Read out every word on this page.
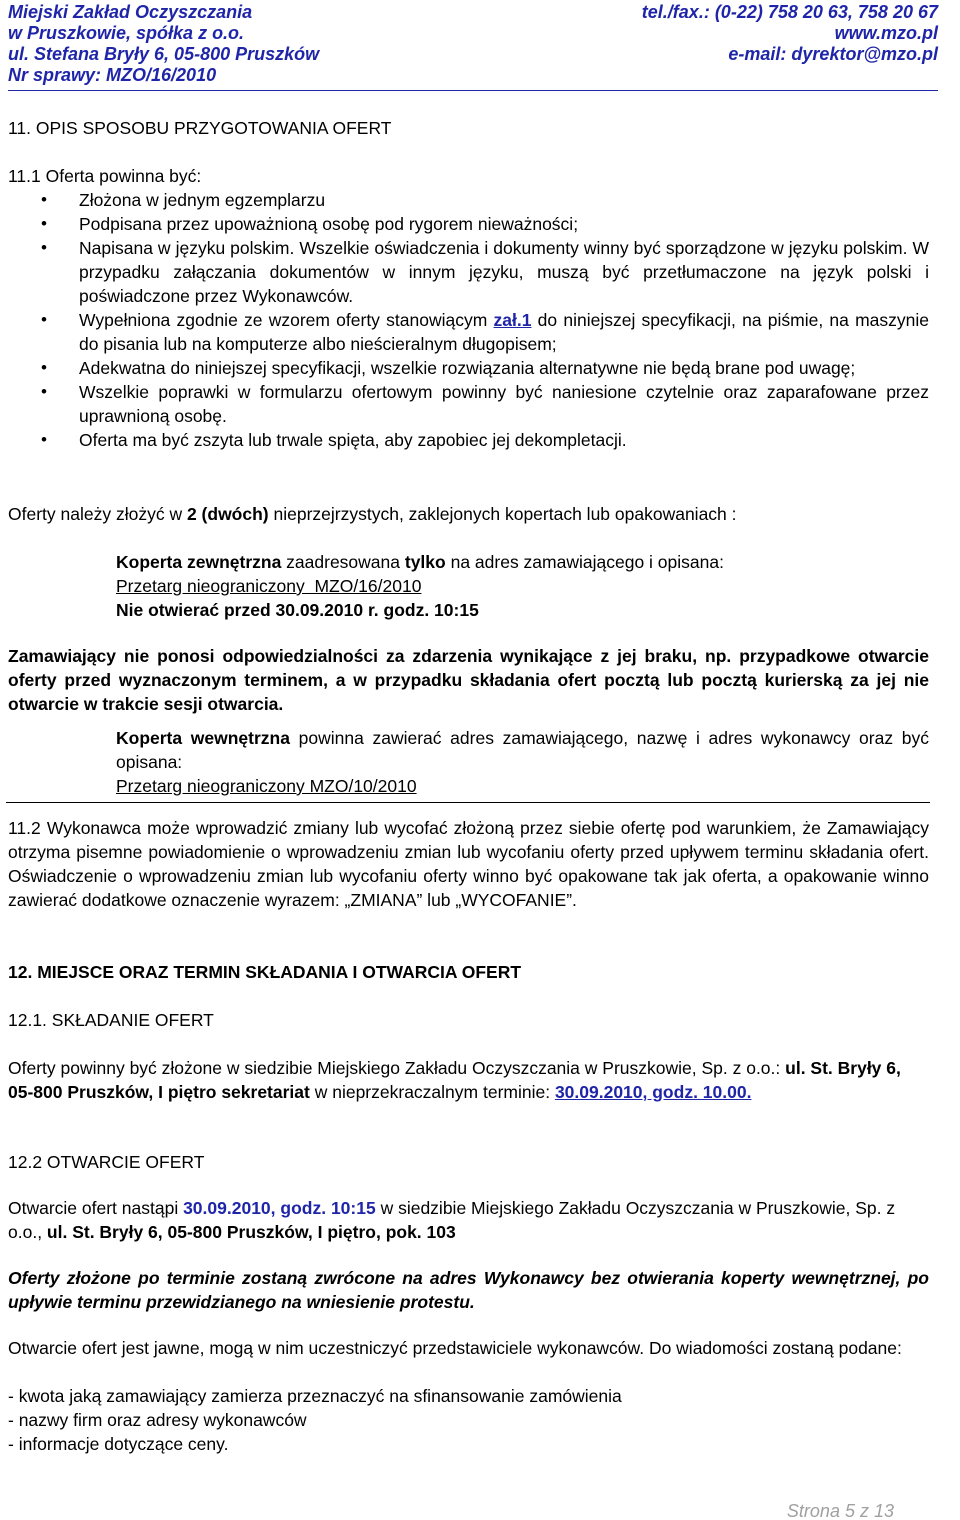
Miejski Zakład Oczyszczania	tel./fax.: (0-22) 758 20 63, 758 20 67
w Pruszkowie, spółka z o.o.	www.mzo.pl
ul. Stefana Bryły 6, 05-800 Pruszków	e-mail: dyrektor@mzo.pl
Nr sprawy: MZO/16/2010
11. OPIS SPOSOBU PRZYGOTOWANIA OFERT
11.1 Oferta powinna być:
• Złożona w jednym egzemplarzu
• Podpisana przez upoważnioną osobę pod rygorem nieważności;
• Napisana w języku polskim. Wszelkie oświadczenia i dokumenty winny być sporządzone w języku polskim. W przypadku załączania dokumentów w innym języku, muszą być przetłumaczone na język polski i poświadczone przez Wykonawców.
• Wypełniona zgodnie ze wzorem oferty stanowiącym zał.1 do niniejszej specyfikacji, na piśmie, na maszynie do pisania lub na komputerze albo nieścieralnym długopisem;
• Adekwatna do niniejszej specyfikacji, wszelkie rozwiązania alternatywne nie będą brane pod uwagę;
• Wszelkie poprawki w formularzu ofertowym powinny być naniesione czytelnie oraz zaparafowane przez uprawnioną osobę.
• Oferta ma być zszyta lub trwale spięta, aby zapobiec jej dekompletacji.
Oferty należy złożyć w 2 (dwóch) nieprzejrzystych, zaklejonych kopertach lub opakowaniach :
Koperta zewnętrzna zaadresowana tylko na adres zamawiającego i opisana:
Przetarg nieograniczony  MZO/16/2010
Nie otwierać przed 30.09.2010 r. godz. 10:15
Zamawiający nie ponosi odpowiedzialności za zdarzenia wynikające z jej braku, np. przypadkowe otwarcie oferty przed wyznaczonym terminem, a w przypadku składania ofert pocztą lub pocztą kurierską za jej nie otwarcie w trakcie sesji otwarcia.
Koperta wewnętrzna powinna zawierać adres zamawiającego, nazwę i adres wykonawcy oraz być opisana:
Przetarg nieograniczony MZO/10/2010
11.2 Wykonawca może wprowadzić zmiany lub wycofać złożoną przez siebie ofertę pod warunkiem, że Zamawiający otrzyma pisemne powiadomienie o wprowadzeniu zmian lub wycofaniu oferty przed upływem terminu składania ofert. Oświadczenie o wprowadzeniu zmian lub wycofaniu oferty winno być opakowane tak jak oferta, a opakowanie winno zawierać dodatkowe oznaczenie wyrazem: „ZMIANA” lub „WYCOFANIE”.
12. MIEJSCE ORAZ TERMIN SKŁADANIA I OTWARCIA OFERT
12.1. SKŁADANIE OFERT
Oferty powinny być złożone w siedzibie Miejskiego Zakładu Oczyszczania w Pruszkowie, Sp. z o.o.: ul. St. Bryły 6, 05-800 Pruszków, I piętro sekretariat w nieprzekraczalnym terminie: 30.09.2010, godz. 10.00.
12.2 OTWARCIE OFERT
Otwarcie ofert nastąpi 30.09.2010, godz. 10:15 w siedzibie Miejskiego Zakładu Oczyszczania w Pruszkowie, Sp. z o.o., ul. St. Bryły 6, 05-800 Pruszków, I piętro, pok. 103
Oferty złożone po terminie zostaną zwrócone na adres Wykonawcy bez otwierania koperty wewnętrznej, po upływie terminu przewidzianego na wniesienie protestu.
Otwarcie ofert jest jawne, mogą w nim uczestniczyć przedstawiciele wykonawców. Do wiadomości zostaną podane:
- kwota jaką zamawiający zamierza przeznaczyć na sfinansowanie zamówienia
- nazwy firm oraz adresy wykonawców
- informacje dotyczące ceny.
Strona 5 z 13
